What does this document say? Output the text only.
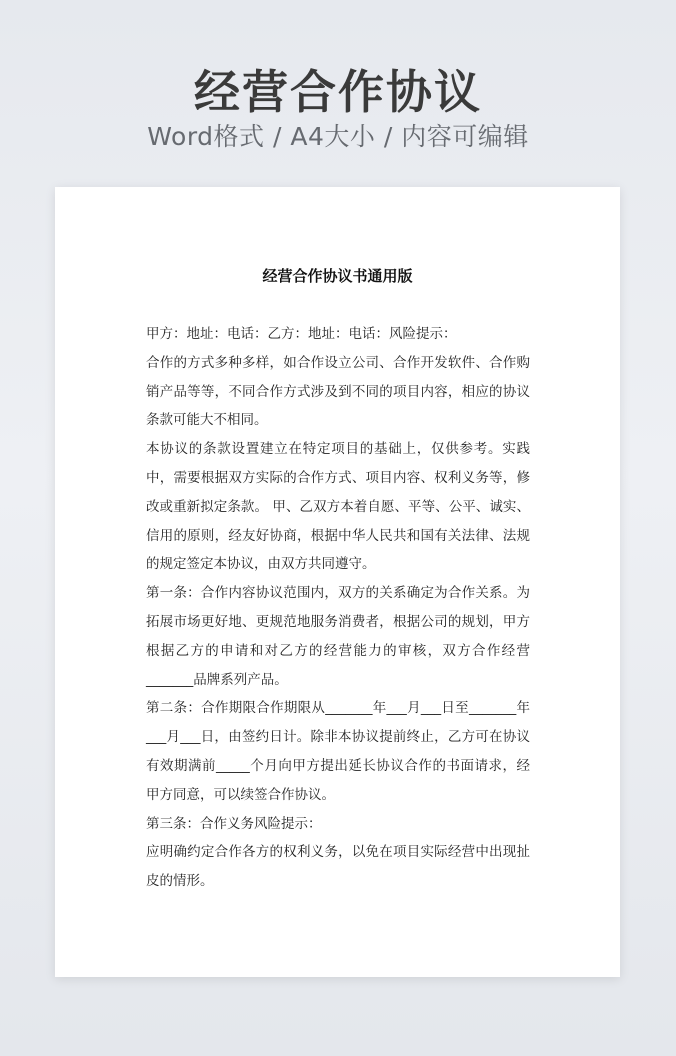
经营合作协议
Word格式 / A4大小 / 内容可编辑
经营合作协议书通用版

甲方：地址：电话：乙方：地址：电话：风险提示：

合作的方式多种多样，如合作设立公司、合作开发软件、合作购销产品等等，不同合作方式涉及到不同的项目内容，相应的协议条款可能大不相同。

本协议的条款设置建立在特定项目的基础上，仅供参考。实践中，需要根据双方实际的合作方式、项目内容、权利义务等，修改或重新拟定条款。 甲、乙双方本着自愿、平等、公平、诚实、信用的原则，经友好协商，根据中华人民共和国有关法律、法规的规定签定本协议，由双方共同遵守。

第一条：合作内容协议范围内，双方的关系确定为合作关系。为拓展市场更好地、更规范地服务消费者，根据公司的规划，甲方根据乙方的申请和对乙方的经营能力的审核，双方合作经营_______品牌系列产品。

第二条：合作期限合作期限从_______年___月___日至_______年___月___日，由签约日计。除非本协议提前终止，乙方可在协议有效期满前_____个月向甲方提出延长协议合作的书面请求，经甲方同意，可以续签合作协议。

第三条：合作义务风险提示：

应明确约定合作各方的权利义务，以免在项目实际经营中出现扯皮的情形。
